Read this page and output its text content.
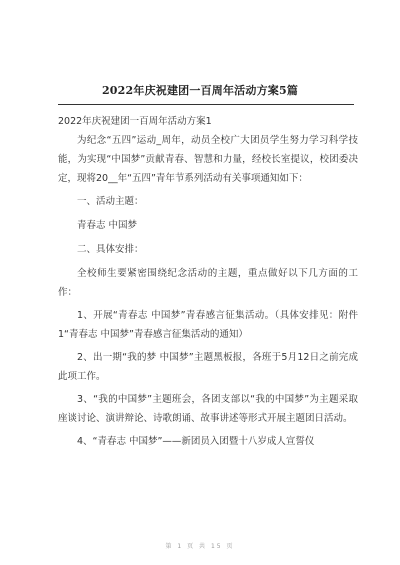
2022年庆祝建团一百周年活动方案5篇
2022年庆祝建团一百周年活动方案1

为纪念“五四”运动_周年，动员全校广大团员学生努力学习科学技能，为实现“中国梦”贡献青春、智慧和力量，经校长室提议，校团委决定，现将20__年“五四”青年节系列活动有关事项通知如下：

一、活动主题：

青春志 中国梦

二、具体安排：

全校师生要紧密围绕纪念活动的主题，重点做好以下几方面的工作：

1、开展“青春志 中国梦”青春感言征集活动。（具体安排见：附件1“青春志 中国梦”青春感言征集活动的通知）

2、出一期“我的梦 中国梦”主题黑板报，各班于5月12日之前完成此项工作。

3、“我的中国梦”主题班会，各团支部以“我的中国梦”为主题采取座谈讨论、演讲辩论、诗歌朗诵、故事讲述等形式开展主题团日活动。

4、“青春志 中国梦”——新团员入团暨十八岁成人宣誓仪

第 1 页 共 15 页
